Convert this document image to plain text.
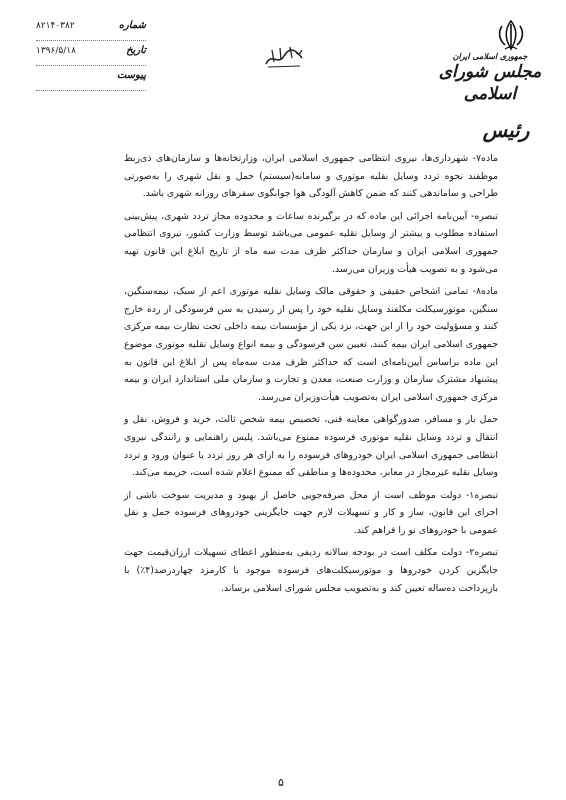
شماره
۸۲۱۴۰۳۸۲
تاریخ
۱۳۹۶/۵/۱۸
پیوست
جمهوری اسلامی ایران
مجلس شورای اسلامی
رئیس

ماده۷- شهرداری‌ها، نیروی انتظامی جمهوری اسلامی ایران، وزارتخانه‌ها و سازمان‌های ذی‌ربط موظفند نحوه تردد وسایل نقلیه موتوری و سامانه(سیستم) حمل و نقل شهری را به‌صورتی طراحی و ساماندهی کنند که ضمن کاهش آلودگی هوا جوابگوی سفرهای روزانه شهری باشد.

تبصره- آیین‌نامه اجرائی این ماده که در برگیرنده ساعات و محدوده مجاز تردد شهری، پیش‌بینی استفاده مطلوب و بیشتر از وسایل نقلیه عمومی می‌باشد توسط وزارت کشور، نیروی انتظامی جمهوری اسلامی ایران و سازمان حداکثر ظرف مدت سه ماه از تاریخ ابلاغ این قانون تهیه می‌شود و به تصویب هیأت وزیران می‌رسد.

ماده۸- تمامی اشخاص حقیقی و حقوقی مالک وسایل نقلیه موتوری اعم از سبک، نیمه‌سنگین، سنگین، موتورسیکلت مکلفند وسایل نقلیه خود را پس از رسیدن به سن فرسودگی از رده خارج کنند و مسؤولیت خود را از این جهت، نزد یکی از مؤسسات بیمه داخلی تحت نظارت بیمه مرکزی جمهوری اسلامی ایران بیمه کنند. تعیین سن فرسودگی و بیمه انواع وسایل نقلیه موتوری موضوع این ماده براساس آیین‌نامه‌ای است که حداکثر ظرف مدت سه‌ماه پس از ابلاغ این قانون به پیشنهاد مشترک سازمان و وزارت صنعت، معدن و تجارت و سازمان ملی استاندارد ایران و بیمه مرکزی جمهوری اسلامی ایران به‌تصویب هیأت‌وزیران می‌رسد.

حمل بار و مسافر، صدورگواهی معاینه فنی، تخصیص بیمه شخص ثالث، خرید و فروش، نقل و انتقال و تردد وسایل نقلیه موتوری فرسوده ممنوع می‌باشد. پلیس راهنمایی و رانندگی نیروی انتظامی جمهوری اسلامی ایران خودروهای فرسوده را به ازای هر روز تردد یا عنوان ورود و تردد وسایل نقلیه غیرمجاز در معابر، محدوده‌ها و مناطقی که ممنوع اعلام شده است، جریمه می‌کند.

تبصره۱- دولت موظف است از محل صرفه‌جویی حاصل از بهبود و مدیریت سوخت ناشی از اجرای این قانون، ساز و کار و تسهیلات لازم جهت جایگزینی خودروهای فرسوده حمل و نقل عمومی با خودروهای نو را فراهم کند.

تبصره۲- دولت مکلف است در بودجه سالانه ردیفی به‌منظور اعطای تسهیلات ارزان‌قیمت جهت جایگزین کردن خودروها و موتورسیکلت‌های فرسوده موجود با کارمزد چهاردرصد(۴٪) با بازپرداخت ده‌ساله تعیین کند و به‌تصویب مجلس شورای اسلامی برساند.

۵
